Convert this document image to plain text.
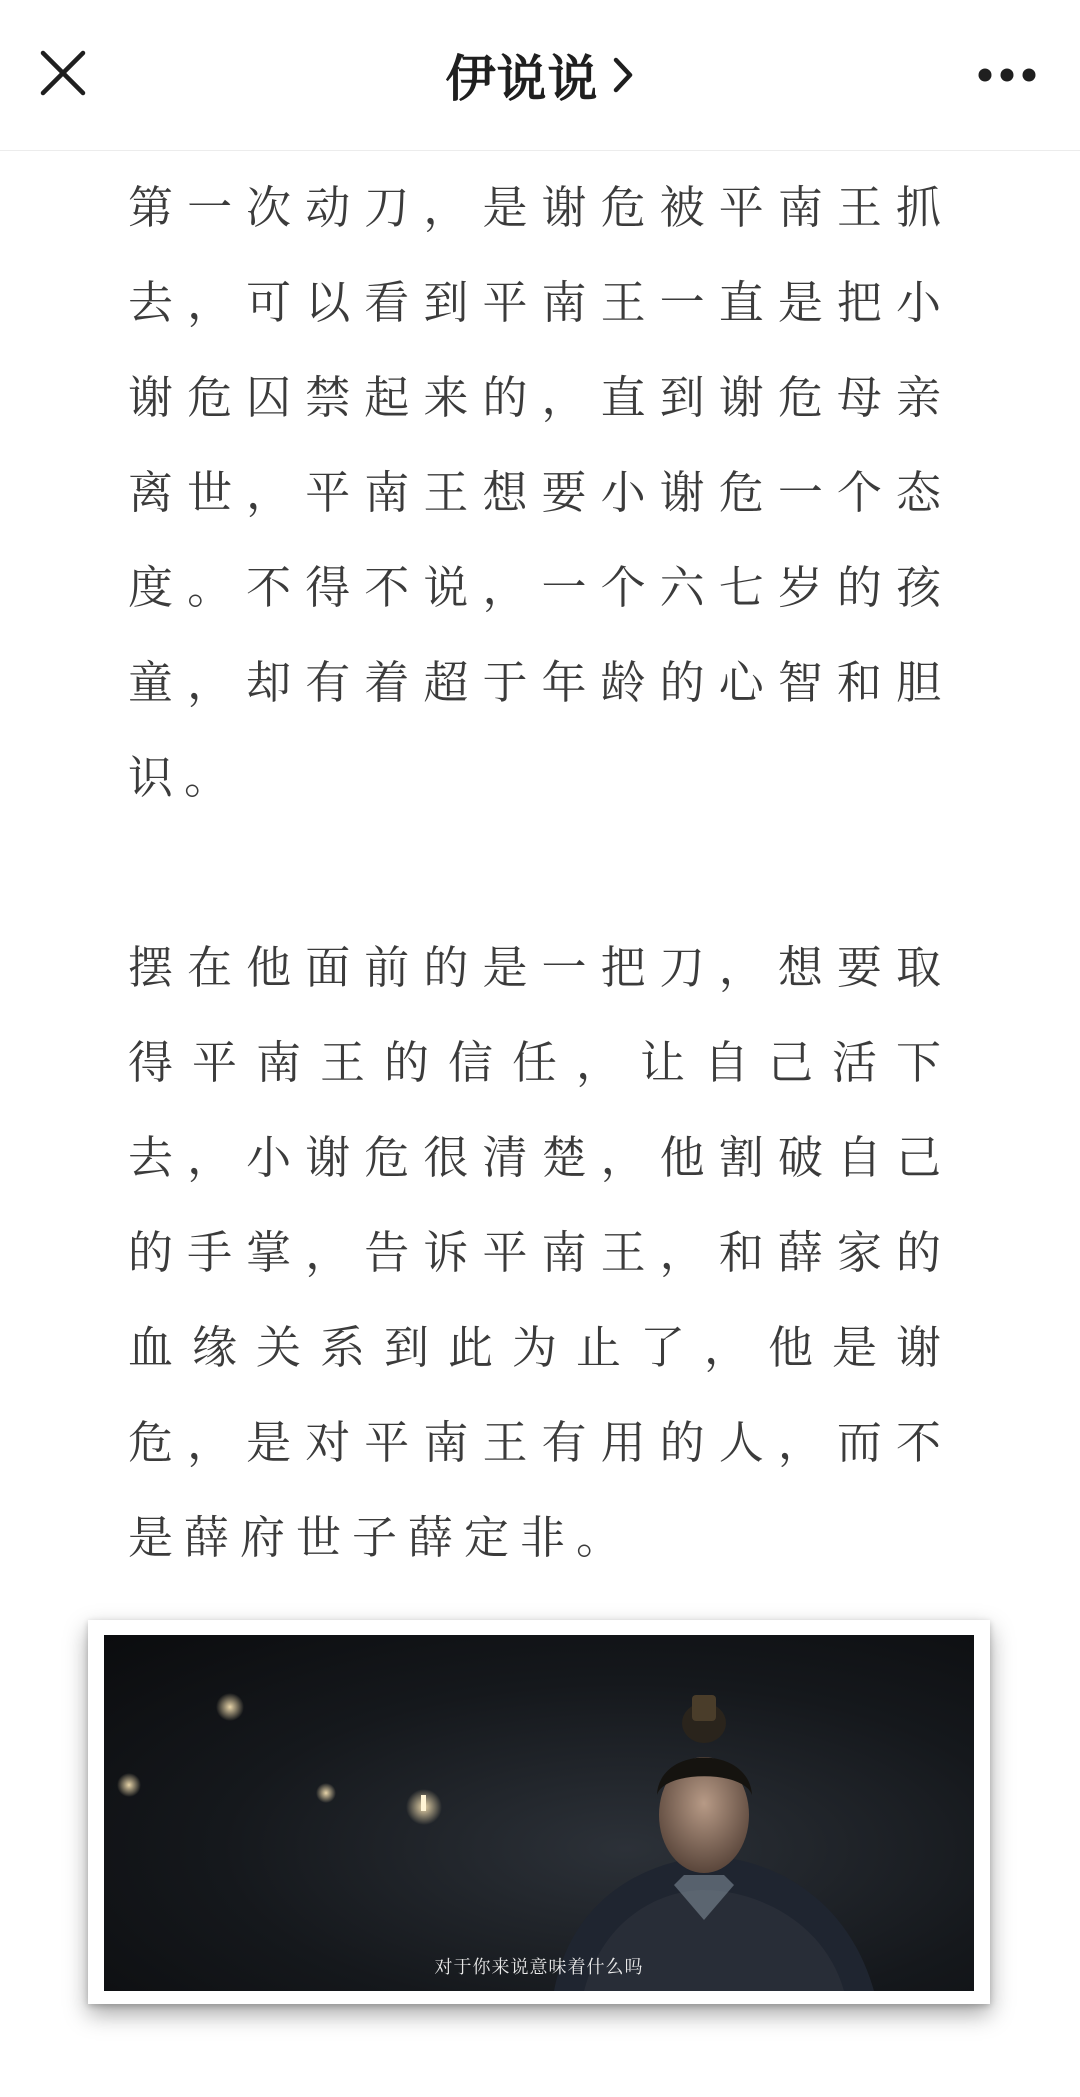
伊说说

第一次动刀，是谢危被平南王抓去，可以看到平南王一直是把小谢危囚禁起来的，直到谢危母亲离世，平南王想要小谢危一个态度。不得不说，一个六七岁的孩童，却有着超于年龄的心智和胆识。

摆在他面前的是一把刀，想要取得平南王的信任，让自己活下去，小谢危很清楚，他割破自己的手掌，告诉平南王，和薛家的血缘关系到此为止了，他是谢危，是对平南王有用的人，而不是薛府世子薛定非。

对于你来说意味着什么吗
